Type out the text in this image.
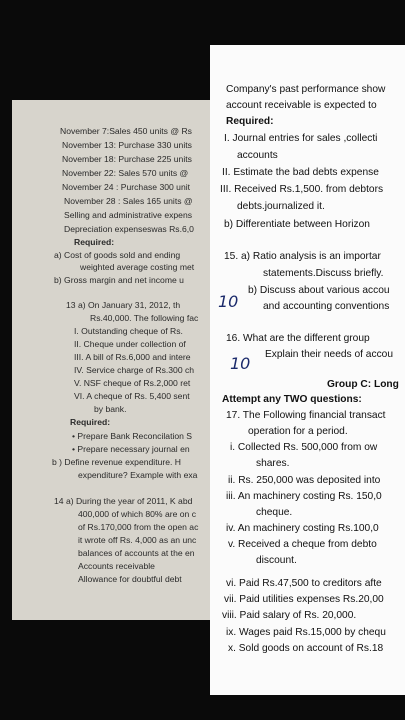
November 7:Sales 450 units @ Rs
November 13: Purchase 330 units
November 18: Purchase 225 units
November 22: Sales 570 units @
November 24 : Purchase 300 unit
November 28 : Sales 165 units @
Selling and administrative expens
Depreciation expenseswas Rs.6,0
Required:
a) Cost of goods sold and ending
weighted average costing met
b) Gross margin and net income u
13 a) On January 31, 2012, th
Rs.40,000. The following fac
I. Outstanding cheque of Rs.
II. Cheque under collection of
III. A bill of Rs.6,000 and intere
IV. Service charge of Rs.300 ch
V. NSF cheque of Rs.2,000 ret
VI. A cheque of Rs. 5,400 sent
by bank.
Required:
• Prepare Bank Reconcilation S
• Prepare necessary journal en
b ) Define revenue expenditure. H
expenditure? Example with exa
14 a) During the year of 2011, K abd
400,000 of which 80% are on c
of Rs.170,000 from the open ac
it wrote off Rs. 4,000 as an unc
balances of accounts at the en
Accounts receivable
Allowance for doubtful debt
Company's past performance show
account receivable is expected to
Required:
I. Journal entries for sales ,collecti
accounts
II. Estimate the bad debts expense
III. Received Rs.1,500. from debtors
debts.journalized it.
b) Differentiate between Horizon
15. a) Ratio analysis is an importar
statements.Discuss briefly.
b) Discuss about various accou
and accounting conventions
16. What are the different group
Explain their needs of accou
Group C: Long
Attempt any TWO questions:
17. The Following financial transact
operation for a period.
i. Collected Rs. 500,000 from ow
shares.
ii. Rs. 250,000 was deposited into
iii. An machinery costing Rs. 150,0
cheque.
iv. An machinery costing Rs.100,0
v. Received a cheque from debto
discount.
vi. Paid Rs.47,500 to creditors afte
vii. Paid utilities expenses Rs.20,00
viii. Paid salary of Rs. 20,000.
ix. Wages paid Rs.15,000 by chequ
x. Sold goods on account of Rs.18
10
10
